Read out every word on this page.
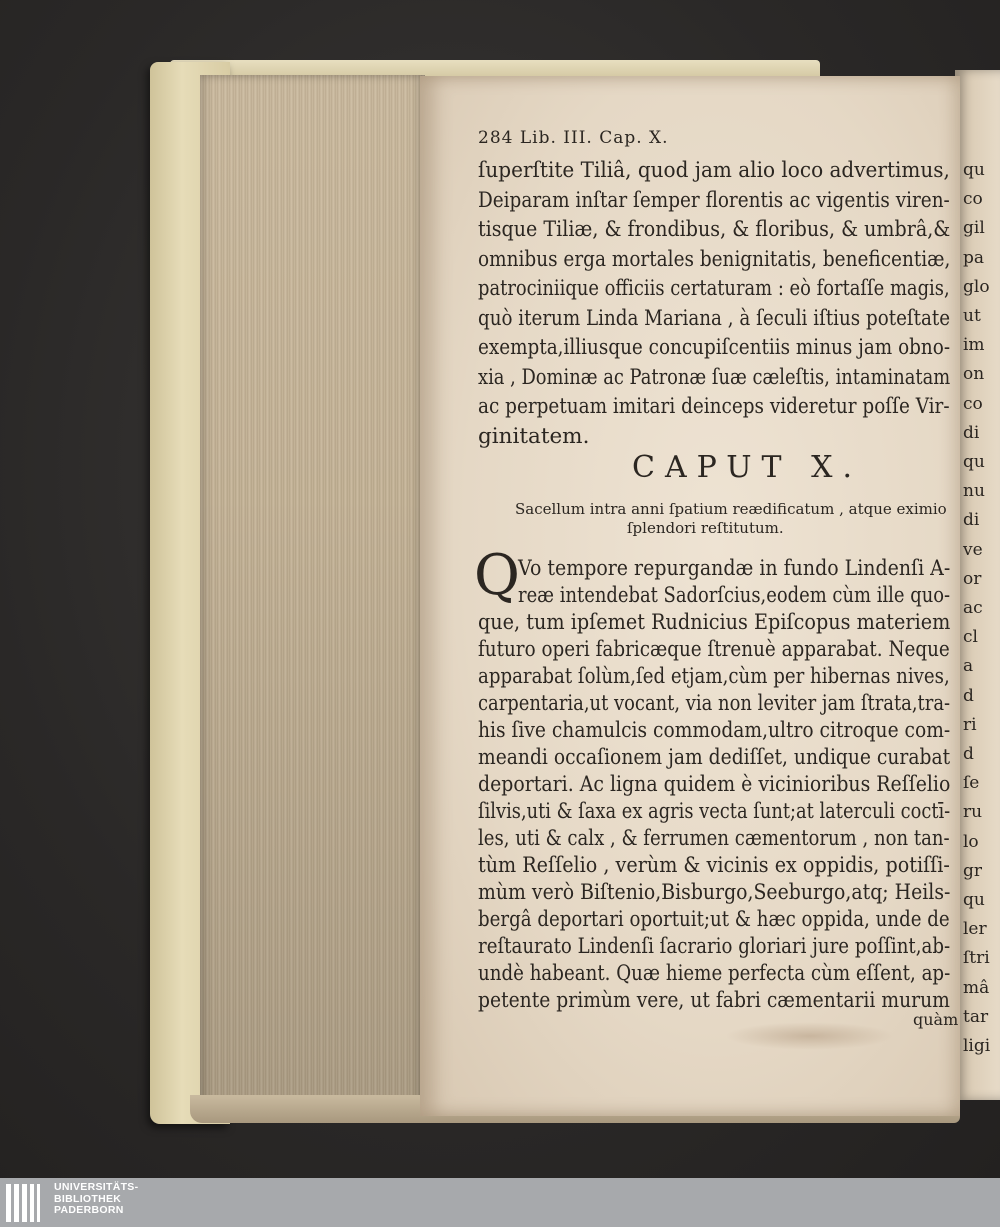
qu
co
gil
pa
glo
ut
im
on
co
di
qu
nu
di
ve
or
ac
cl
a
d
ri
d
ſe
ru
lo
gr
qu
ler
ſtri
mâ
tar
ligi
284 Lib. III. Cap. X.
ſuperſtite Tiliâ, quod jam alio loco advertimus,
Deiparam inſtar ſemper florentis ac vigentis viren-
tisque Tiliæ, & frondibus, & floribus, & umbrâ,&
omnibus erga mortales benignitatis, beneficentiæ,
patrociniique officiis certaturam : eò fortaſſe magis,
quò iterum Linda Mariana , à ſeculi iſtius poteſtate
exempta,illiusque concupiſcentiis minus jam obno-
xia , Dominæ ac Patronæ ſuæ cæleſtis, intaminatam
ac perpetuam imitari deinceps videretur poſſe Vir-
ginitatem.
CAPUT X.
Sacellum intra anni ſpatium reædificatum , atque eximio
ſplendori reſtitutum.
Q
Vo tempore repurgandæ in fundo Lindenſi A-
reæ intendebat Sadorſcius,eodem cùm ille quo-
que, tum ipſemet Rudnicius Epiſcopus materiem
futuro operi fabricæque ſtrenuè apparabat. Neque
apparabat ſolùm,ſed etjam,cùm per hibernas nives,
carpentaria,ut vocant, via non leviter jam ſtrata,tra-
his ſive chamulcis commodam,ultro citroque com-
meandi occaſionem jam dediſſet, undique curabat
deportari. Ac ligna quidem è vicinioribus Reſſelio
ſilvis,uti & ſaxa ex agris vecta ſunt;at laterculi coctī-
les, uti & calx , & ferrumen cæmentorum , non tan-
tùm Reſſelio , verùm & vicinis ex oppidis, potiſſi-
mùm verò Biſtenio,Bisburgo,Seeburgo,atq; Heils-
bergâ deportari oportuit;ut & hæc oppida, unde de
reſtaurato Lindenſi ſacrario gloriari jure poſſint,ab-
undè habeant. Quæ hieme perfecta cùm eſſent, ap-
petente primùm vere, ut fabri cæmentarii murum
quàm
UNIVERSITÄTS-
BIBLIOTHEK
PADERBORN
